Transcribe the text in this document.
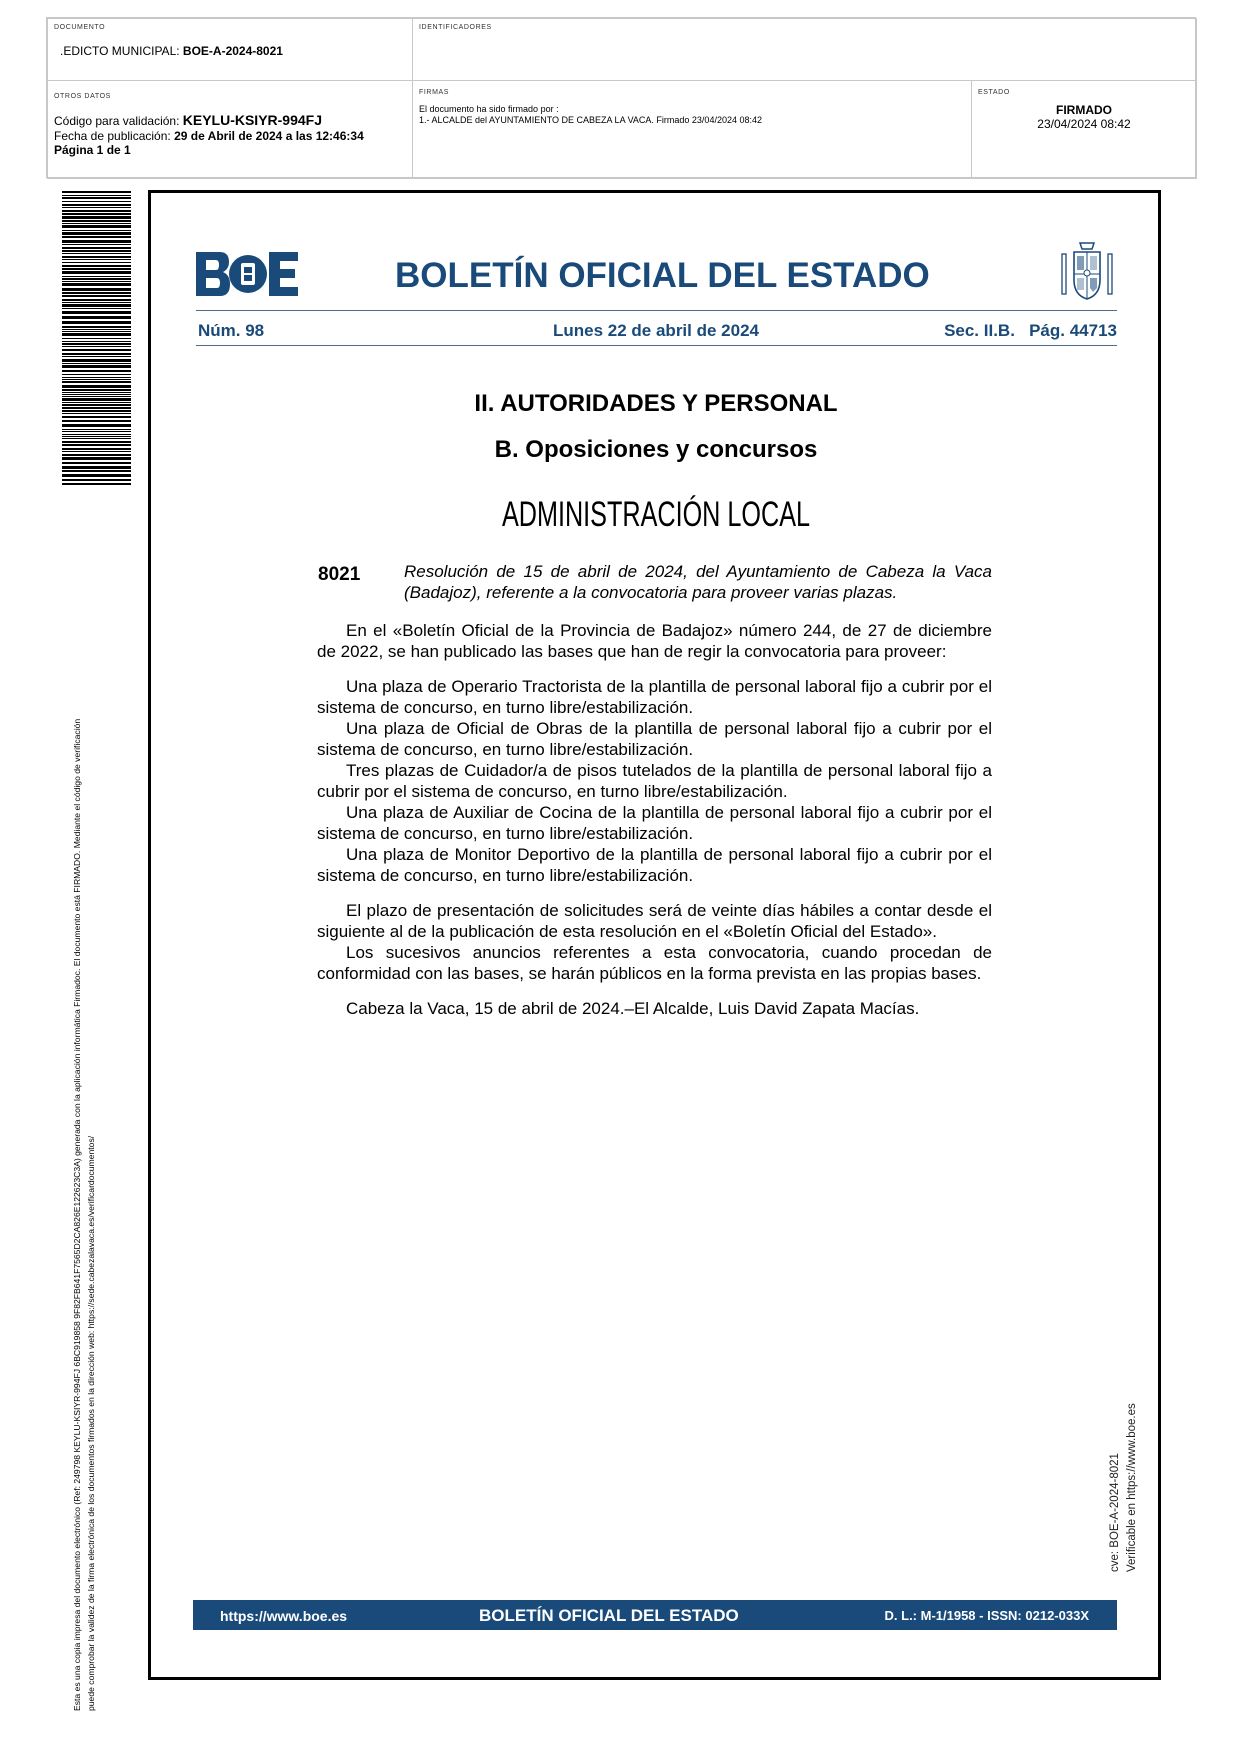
DOCUMENTO
.EDICTO MUNICIPAL: BOE-A-2024-8021
IDENTIFICADORES
OTROS DATOS
Código para validación: KEYLU-KSIYR-994FJ
Fecha de publicación: 29 de Abril de 2024 a las 12:46:34
Página 1 de 1
FIRMAS
El documento ha sido firmado por :
1.- ALCALDE del AYUNTAMIENTO DE CABEZA LA VACA. Firmado 23/04/2024 08:42
ESTADO
FIRMADO
23/04/2024 08:42
Esta es una copia impresa del documento electrónico (Ref: 249798 KEYLU-KSIYR-994FJ 6BC919858 9F82FB641F7565D2CA826E122623C3A) generada con la aplicación informática Firmadoc. El documento está FIRMADO. Mediante el código de verificación puede comprobar la validez de la firma electrónica de los documentos firmados en la dirección web: https://sede.cabezalavaca.es/verificardocumentos/
BOLETÍN OFICIAL DEL ESTADO
Núm. 98	Lunes 22 de abril de 2024	Sec. II.B.   Pág. 44713
II. AUTORIDADES Y PERSONAL
B. Oposiciones y concursos
ADMINISTRACIÓN LOCAL
8021	Resolución de 15 de abril de 2024, del Ayuntamiento de Cabeza la Vaca (Badajoz), referente a la convocatoria para proveer varias plazas.

En el «Boletín Oficial de la Provincia de Badajoz» número 244, de 27 de diciembre de 2022, se han publicado las bases que han de regir la convocatoria para proveer:

Una plaza de Operario Tractorista de la plantilla de personal laboral fijo a cubrir por el sistema de concurso, en turno libre/estabilización.

Una plaza de Oficial de Obras de la plantilla de personal laboral fijo a cubrir por el sistema de concurso, en turno libre/estabilización.

Tres plazas de Cuidador/a de pisos tutelados de la plantilla de personal laboral fijo a cubrir por el sistema de concurso, en turno libre/estabilización.

Una plaza de Auxiliar de Cocina de la plantilla de personal laboral fijo a cubrir por el sistema de concurso, en turno libre/estabilización.

Una plaza de Monitor Deportivo de la plantilla de personal laboral fijo a cubrir por el sistema de concurso, en turno libre/estabilización.

El plazo de presentación de solicitudes será de veinte días hábiles a contar desde el siguiente al de la publicación de esta resolución en el «Boletín Oficial del Estado».

Los sucesivos anuncios referentes a esta convocatoria, cuando procedan de conformidad con las bases, se harán públicos en la forma prevista en las propias bases.

Cabeza la Vaca, 15 de abril de 2024.–El Alcalde, Luis David Zapata Macías.

cve: BOE-A-2024-8021 Verificable en https://www.boe.es
https://www.boe.es	BOLETÍN OFICIAL DEL ESTADO	D. L.: M-1/1958 - ISSN: 0212-033X
